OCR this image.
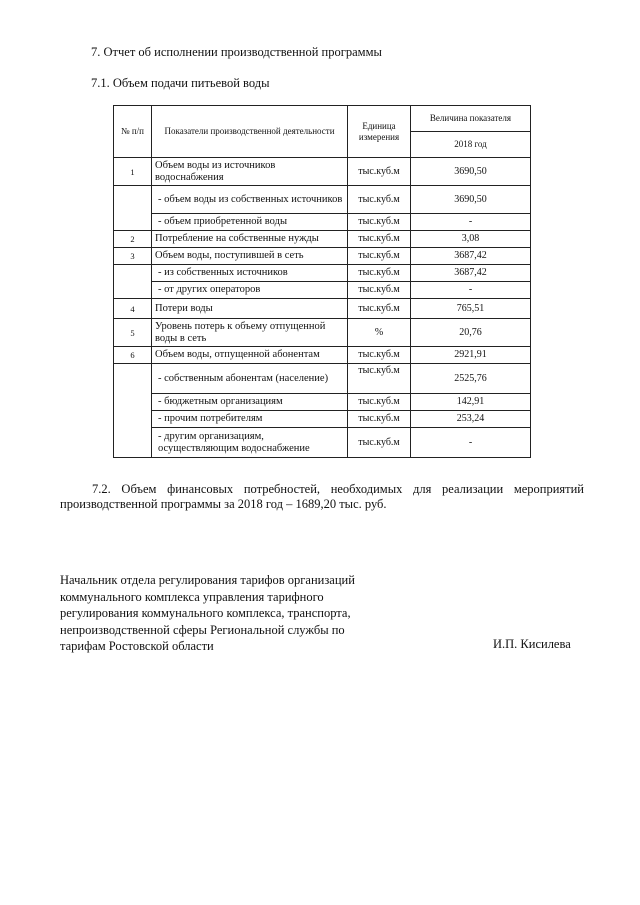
7. Отчет об исполнении производственной программы
7.1. Объем подачи питьевой воды
№ п/п	Показатели производственной деятельности	Единица измерения	Величина показателя
			2018 год
1	Объем воды из источников водоснабжения	тыс.куб.м	3690,50
	- объем воды из собственных источников	тыс.куб.м	3690,50
	- объем приобретенной воды	тыс.куб.м	-
2	Потребление на собственные нужды	тыс.куб.м	3,08
3	Объем воды, поступившей в сеть	тыс.куб.м	3687,42
	- из собственных источников	тыс.куб.м	3687,42
	- от других операторов	тыс.куб.м	-
4	Потери воды	тыс.куб.м	765,51
5	Уровень потерь к объему отпущенной воды в сеть	%	20,76
6	Объем воды, отпущенной абонентам	тыс.куб.м	2921,91
	- собственным абонентам (население)	тыс.куб.м	2525,76
	- бюджетным организациям	тыс.куб.м	142,91
	- прочим потребителям	тыс.куб.м	253,24
	- другим организациям, осуществляющим водоснабжение	тыс.куб.м	-
7.2. Объем финансовых потребностей, необходимых для реализации мероприятий производственной программы за 2018 год – 1689,20 тыс. руб.
Начальник отдела регулирования тарифов организаций коммунального комплекса управления тарифного регулирования коммунального комплекса, транспорта, непроизводственной сферы Региональной службы по тарифам Ростовской области	И.П. Кисилева
